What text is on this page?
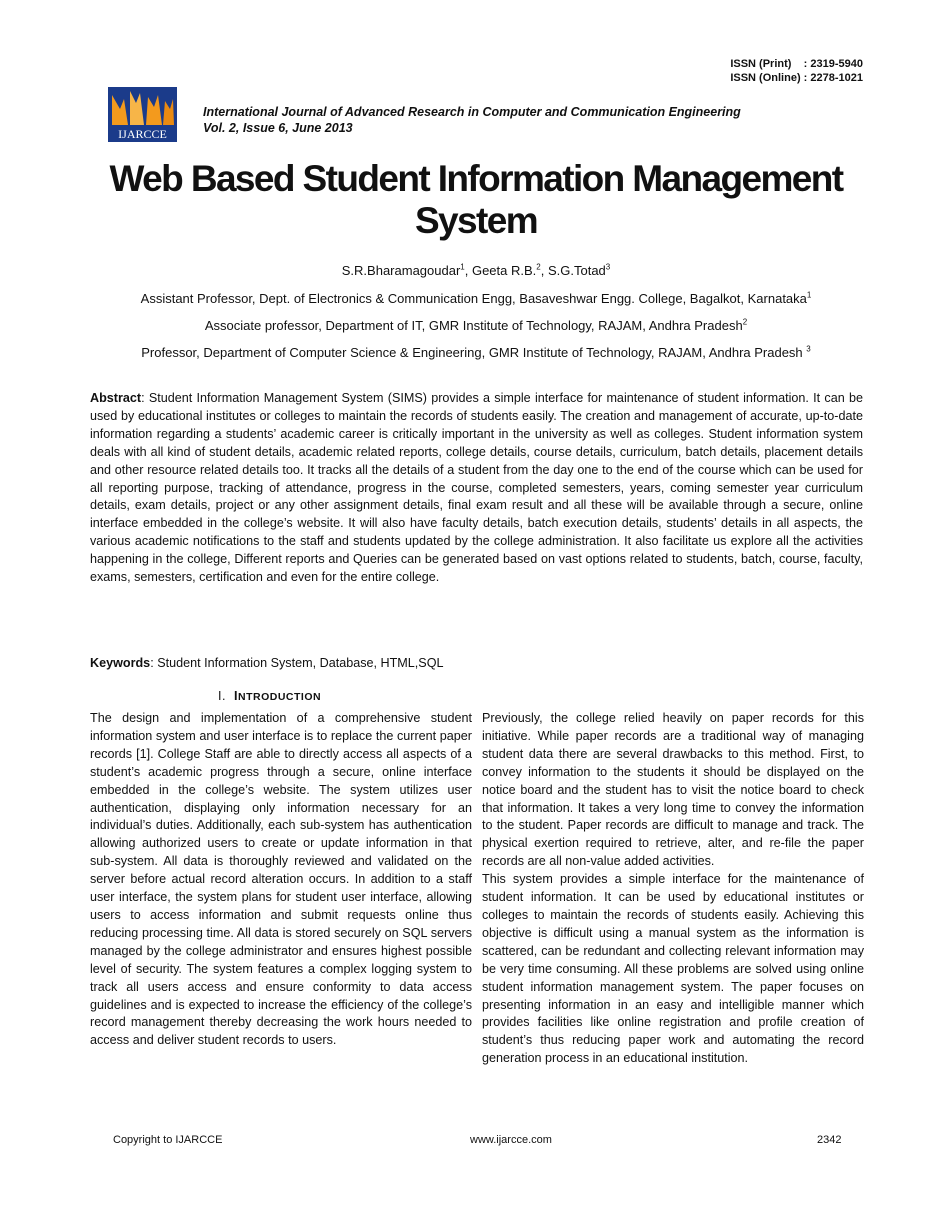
ISSN (Print)    : 2319-5940
ISSN (Online) : 2278-1021
IJARCCE
International Journal of Advanced Research in Computer and Communication Engineering
Vol. 2, Issue 6, June 2013
Web Based Student Information Management System
S.R.Bharamagoudar$^1$, Geeta R.B.$^2$, S.G.Totad$^3$
Assistant Professor, Dept. of Electronics & Communication Engg, Basaveshwar Engg. College, Bagalkot, Karnataka$^1$
Associate professor, Department of IT, GMR Institute of Technology, RAJAM, Andhra Pradesh$^2$
Professor, Department of Computer Science & Engineering, GMR Institute of Technology, RAJAM, Andhra Pradesh $^3$
Abstract: Student Information Management System (SIMS) provides a simple interface for maintenance of student information. It can be used by educational institutes or colleges to maintain the records of students easily. The creation and management of accurate, up-to-date information regarding a students’ academic career is critically important in the university as well as colleges. Student information system deals with all kind of student details, academic related reports, college details, course details, curriculum, batch details, placement details and other resource related details too. It tracks all the details of a student from the day one to the end of the course which can be used for all reporting purpose, tracking of attendance, progress in the course, completed semesters, years, coming semester year curriculum details, exam details, project or any other assignment details, final exam result and all these will be available through a secure, online interface embedded in the college’s website. It will also have faculty details, batch execution details, students’ details in all aspects, the various academic notifications to the staff and students updated by the college administration. It also facilitate us explore all the activities happening in the college, Different reports and Queries can be generated based on vast options related to students, batch, course, faculty, exams, semesters, certification and even for the entire college.
Keywords: Student Information System, Database, HTML,SQL
I.  INTRODUCTION

The design and implementation of a comprehensive student information system and user interface is to replace the current paper records [1]. College Staff are able to directly access all aspects of a student’s academic progress through a secure, online interface embedded in the college’s website. The system utilizes user authentication, displaying only information necessary for an individual’s duties. Additionally, each sub-system has authentication allowing authorized users to create or update information in that sub-system. All data is thoroughly reviewed and validated on the server before actual record alteration occurs. In addition to a staff user interface, the system plans for student user interface, allowing users to access information and submit requests online thus reducing processing time. All data is stored securely on SQL servers managed by the college administrator and ensures highest possible level of security. The system features a complex logging system to track all users access and ensure conformity to data access guidelines and is expected to increase the efficiency of the college’s record management thereby decreasing the work hours needed to access and deliver student records to users.

Previously, the college relied heavily on paper records for this initiative. While paper records are a traditional way of managing student data there are several drawbacks to this method. First, to convey information to the students it should be displayed on the notice board and the student has to visit the notice board to check that information. It takes a very long time to convey the information to the student. Paper records are difficult to manage and track. The physical exertion required to retrieve, alter, and re-file the paper records are all non-value added activities.

This system provides a simple interface for the maintenance of student information. It can be used by educational institutes or colleges to maintain the records of students easily. Achieving this objective is difficult using a manual system as the information is scattered, can be redundant and collecting relevant information may be very time consuming. All these problems are solved using online student information management system. The paper focuses on presenting information in an easy and intelligible manner which provides facilities like online registration and profile creation of student’s thus reducing paper work and automating the record generation process in an educational institution.

Copyright to IJARCCE	www.ijarcce.com	2342
